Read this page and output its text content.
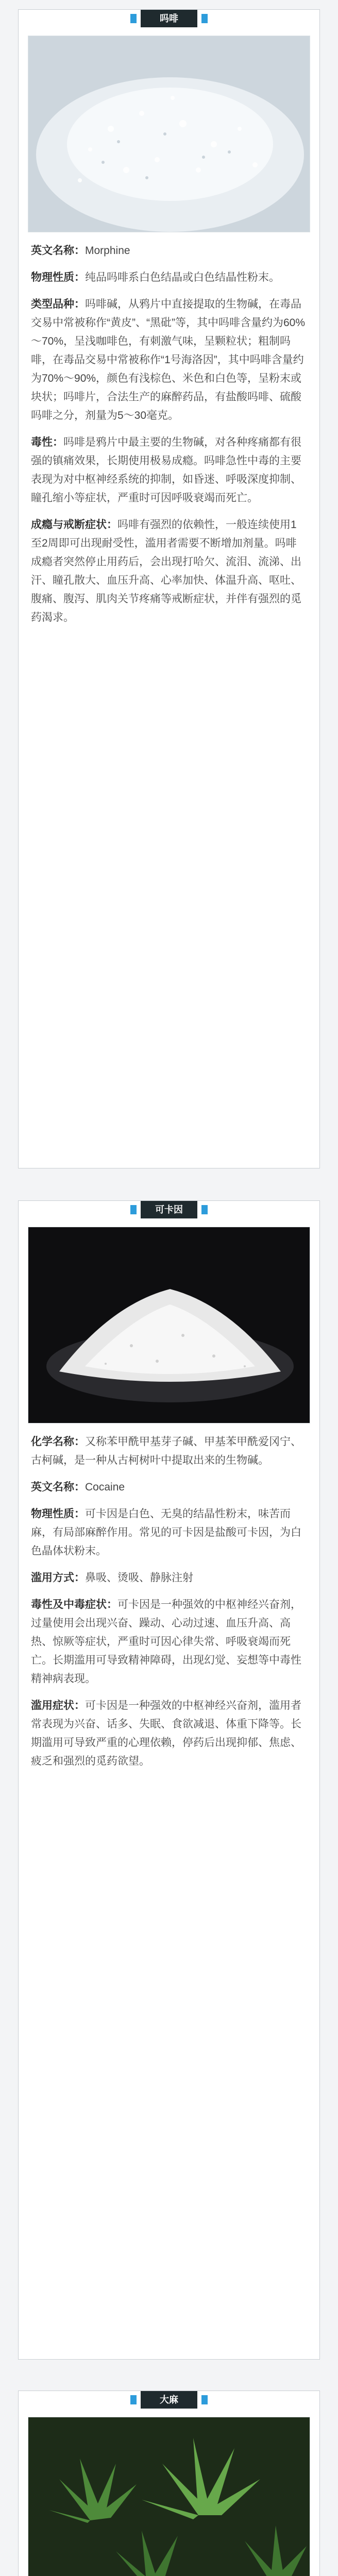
吗啡

英文名称：Morphine

物理性质：纯品吗啡系白色结晶或白色结晶性粉末。

类型品种：吗啡碱，从鸦片中直接提取的生物碱，在毒品交易中常被称作“黄皮”、“黑砒”等，其中吗啡含量约为60%～70%，呈浅咖啡色，有刺激气味，呈颗粒状；粗制吗啡，在毒品交易中常被称作“1号海洛因”，其中吗啡含量约为70%～90%，颜色有浅棕色、米色和白色等，呈粉末或块状；吗啡片，合法生产的麻醉药品，有盐酸吗啡、硫酸吗啡之分，剂量为5～30毫克。

毒性：吗啡是鸦片中最主要的生物碱，对各种疼痛都有很强的镇痛效果，长期使用极易成瘾。吗啡急性中毒的主要表现为对中枢神经系统的抑制，如昏迷、呼吸深度抑制、瞳孔缩小等症状，严重时可因呼吸衰竭而死亡。

成瘾与戒断症状：吗啡有强烈的依赖性，一般连续使用1至2周即可出现耐受性，滥用者需要不断增加剂量。吗啡成瘾者突然停止用药后，会出现打哈欠、流泪、流涕、出汗、瞳孔散大、血压升高、心率加快、体温升高、呕吐、腹痛、腹泻、肌肉关节疼痛等戒断症状，并伴有强烈的觅药渴求。

可卡因

化学名称：又称苯甲酰甲基芽子碱、甲基苯甲酰爱冈宁、古柯碱，是一种从古柯树叶中提取出来的生物碱。

英文名称：Cocaine

物理性质：可卡因是白色、无臭的结晶性粉末，味苦而麻，有局部麻醉作用。常见的可卡因是盐酸可卡因，为白色晶体状粉末。

滥用方式：鼻吸、烫吸、静脉注射

毒性及中毒症状：可卡因是一种强效的中枢神经兴奋剂，过量使用会出现兴奋、躁动、心动过速、血压升高、高热、惊厥等症状，严重时可因心律失常、呼吸衰竭而死亡。长期滥用可导致精神障碍，出现幻觉、妄想等中毒性精神病表现。

滥用症状：可卡因是一种强效的中枢神经兴奋剂，滥用者常表现为兴奋、话多、失眠、食欲减退、体重下降等。长期滥用可导致严重的心理依赖，停药后出现抑郁、焦虑、疲乏和强烈的觅药欲望。

大麻
